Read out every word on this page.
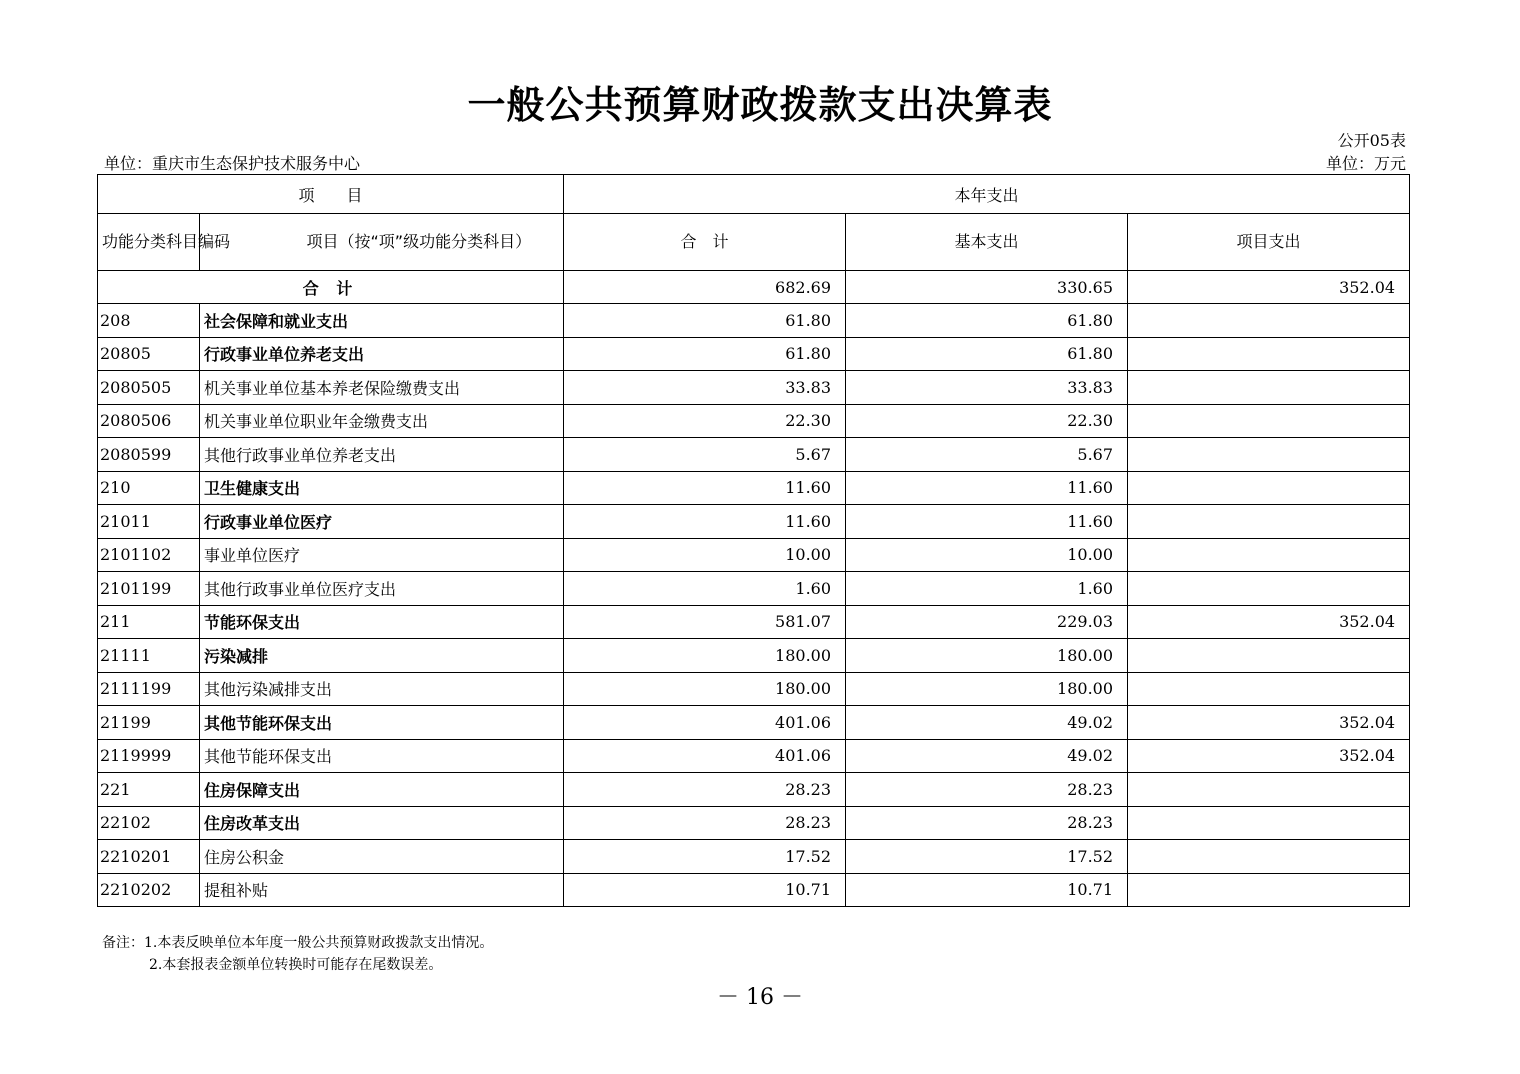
一般公共预算财政拨款支出决算表
公开05表
单位：重庆市生态保护技术服务中心	单位：万元
项　　目		本年支出		
功能分类科目编码	项目（按“项”级功能分类科目）	合　计	基本支出	项目支出
合 计		682.69	330.65	352.04
208	社会保障和就业支出	61.80	61.80	
20805	行政事业单位养老支出	61.80	61.80	
2080505	机关事业单位基本养老保险缴费支出	33.83	33.83	
2080506	机关事业单位职业年金缴费支出	22.30	22.30	
2080599	其他行政事业单位养老支出	5.67	5.67	
210	卫生健康支出	11.60	11.60	
21011	行政事业单位医疗	11.60	11.60	
2101102	事业单位医疗	10.00	10.00	
2101199	其他行政事业单位医疗支出	1.60	1.60	
211	节能环保支出	581.07	229.03	352.04
21111	污染减排	180.00	180.00	
2111199	其他污染减排支出	180.00	180.00	
21199	其他节能环保支出	401.06	49.02	352.04
2119999	其他节能环保支出	401.06	49.02	352.04
221	住房保障支出	28.23	28.23	
22102	住房改革支出	28.23	28.23	
2210201	住房公积金	17.52	17.52	
2210202	提租补贴	10.71	10.71	
备注：1.本表反映单位本年度一般公共预算财政拨款支出情况。
2.本套报表金额单位转换时可能存在尾数误差。
－ 16 －
